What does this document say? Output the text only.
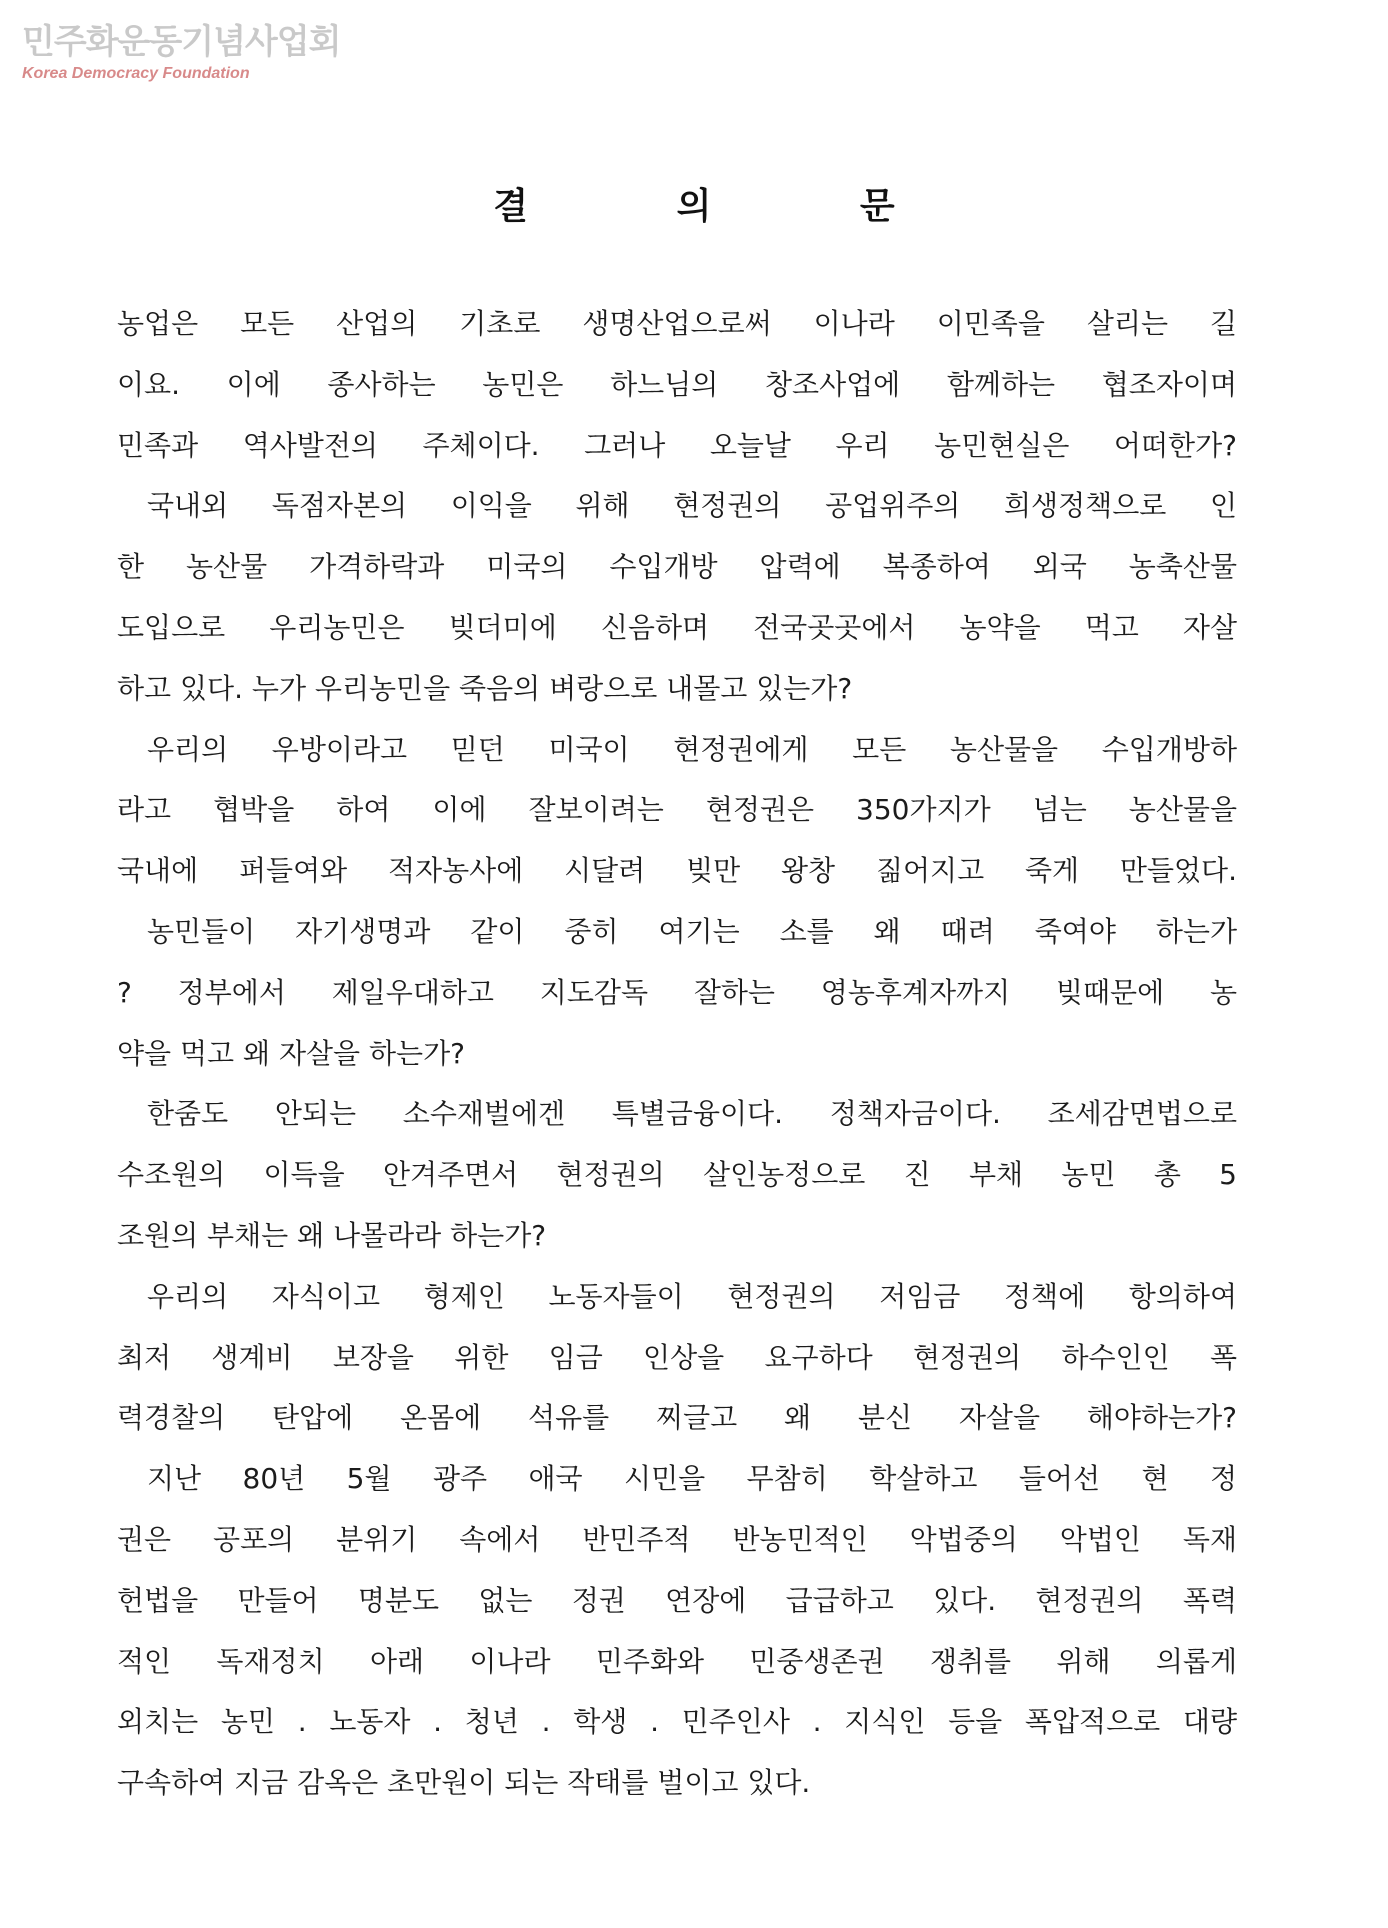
민주화운동기념사업회
Korea Democracy Foundation
결 의 문
농업은 모든 산업의 기초로 생명산업으로써 이나라 이민족을 살리는 길
이요. 이에 종사하는 농민은 하느님의 창조사업에 함께하는 협조자이며
민족과 역사발전의 주체이다. 그러나 오늘날 우리 농민현실은 어떠한가?
국내외 독점자본의 이익을 위해 현정권의 공업위주의 희생정책으로 인
한 농산물 가격하락과 미국의 수입개방 압력에 복종하여 외국 농축산물
도입으로 우리농민은 빚더미에 신음하며 전국곳곳에서 농약을 먹고 자살
하고 있다. 누가 우리농민을 죽음의 벼랑으로 내몰고 있는가?
우리의 우방이라고 믿던 미국이 현정권에게 모든 농산물을 수입개방하
라고 협박을 하여 이에 잘보이려는 현정권은 350가지가 넘는 농산물을
국내에 퍼들여와 적자농사에 시달려 빚만 왕창 짊어지고 죽게 만들었다.
농민들이 자기생명과 같이 중히 여기는 소를 왜 때려 죽여야 하는가
? 정부에서 제일우대하고 지도감독 잘하는 영농후계자까지 빚때문에 농
약을 먹고 왜 자살을 하는가?
한줌도 안되는 소수재벌에겐 특별금융이다. 정책자금이다. 조세감면법으로
수조원의 이득을 안겨주면서 현정권의 살인농정으로 진 부채 농민 총 5
조원의 부채는 왜 나몰라라 하는가?
우리의 자식이고 형제인 노동자들이 현정권의 저임금 정책에 항의하여
최저 생계비 보장을 위한 임금 인상을 요구하다 현정권의 하수인인 폭
력경찰의 탄압에 온몸에 석유를 찌글고 왜 분신 자살을 해야하는가?
지난 80년 5월 광주 애국 시민을 무참히 학살하고 들어선 현 정
권은 공포의 분위기 속에서 반민주적 반농민적인 악법중의 악법인 독재
헌법을 만들어 명분도 없는 정권 연장에 급급하고 있다. 현정권의 폭력
적인 독재정치 아래 이나라 민주화와 민중생존권 쟁취를 위해 의롭게
외치는 농민 . 노동자 . 청년 . 학생 . 민주인사 . 지식인 등을 폭압적으로 대량
구속하여 지금 감옥은 초만원이 되는 작태를 벌이고 있다.
